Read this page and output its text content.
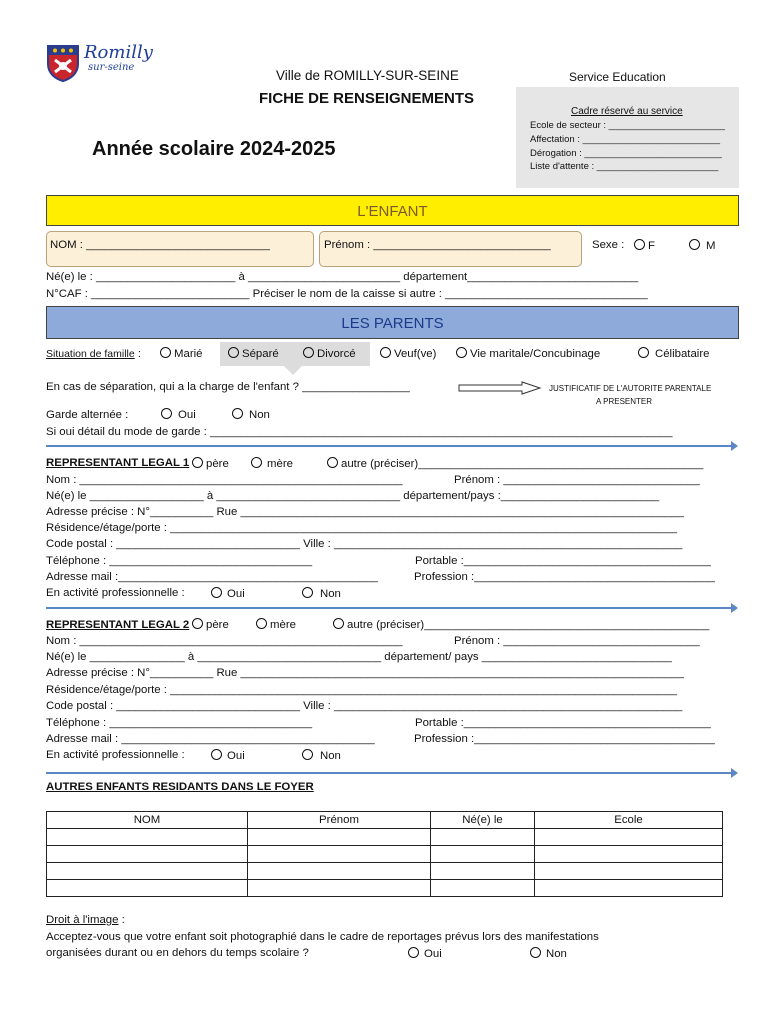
Romilly
sur-seine
Ville de ROMILLY-SUR-SEINE
FICHE DE RENSEIGNEMENTS
Service Education
Année scolaire 2024-2025
Cadre réservé au service
Ecole de secteur : ______________________
Affectation : __________________________
Dérogation : __________________________
Liste d'attente : _______________________
L'ENFANT
NOM : _____________________________	Prénom : ____________________________	Sexe :	F	M
Né(e) le : ______________________ à ________________________ département___________________________
N°CAF : _________________________ Préciser le nom de la caisse si autre : ________________________________
LES PARENTS
Situation de famille :	Marié	Séparé	Divorcé	Veuf(ve)	Vie maritale/Concubinage	Célibataire
En cas de séparation, qui a la charge de l'enfant ? _________________	JUSTIFICATIF DE L'AUTORITE PARENTALE
A PRESENTER
Garde alternée :	Oui	Non
Si oui détail du mode de garde : _________________________________________________________________________
REPRESENTANT LEGAL 1	père	mère	autre (préciser)_____________________________________________
Nom : ___________________________________________________	Prénom : _______________________________
Né(e) le __________________ à _____________________________ département/pays :_________________________
Adresse précise : N°__________ Rue ______________________________________________________________________
Résidence/étage/porte : ________________________________________________________________________________
Code postal : _____________________________ Ville : _______________________________________________________
Téléphone : ________________________________	Portable :_______________________________________
Adresse mail :_________________________________________	Profession :______________________________________
En activité professionnelle :	Oui	Non
REPRESENTANT LEGAL 2	père	mère	autre (préciser)_____________________________________________
Nom : ___________________________________________________	Prénom : _______________________________
Né(e) le _______________ à _____________________________ département/ pays ______________________________
Adresse précise : N°__________ Rue ______________________________________________________________________
Résidence/étage/porte : ________________________________________________________________________________
Code postal : _____________________________ Ville : _______________________________________________________
Téléphone : ________________________________	Portable :_______________________________________
Adresse mail : ________________________________________	Profession :______________________________________
En activité professionnelle :	Oui	Non
AUTRES ENFANTS RESIDANTS DANS LE FOYER
NOM	Prénom	Né(e) le	Ecole

Droit à l'image :
Acceptez-vous que votre enfant soit photographié dans le cadre de reportages prévus lors des manifestations
organisées durant ou en dehors du temps scolaire ?	Oui	Non
